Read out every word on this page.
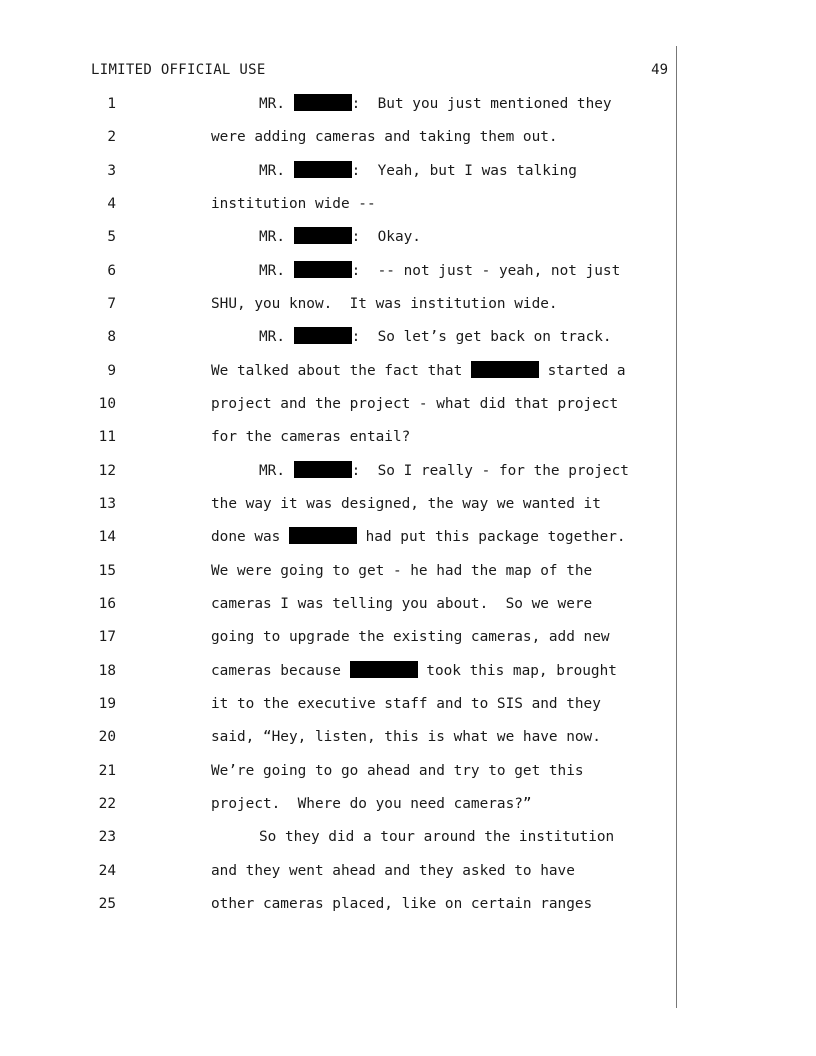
LIMITED OFFICIAL USE	49
1	MR.	:  But you just mentioned they
2	were adding cameras and taking them out.
3	MR.	:  Yeah, but I was talking
4	institution wide --
5	MR.	:  Okay.
6	MR.	:  -- not just - yeah, not just
7	SHU, you know.  It was institution wide.
8	MR.	:  So let’s get back on track.
9	We talked about the fact that	started a
10	project and the project - what did that project
11	for the cameras entail?
12	MR.	:  So I really - for the project
13	the way it was designed, the way we wanted it
14	done was	had put this package together.
15	We were going to get - he had the map of the
16	cameras I was telling you about.  So we were
17	going to upgrade the existing cameras, add new
18	cameras because	took this map, brought
19	it to the executive staff and to SIS and they
20	said, “Hey, listen, this is what we have now.
21	We’re going to go ahead and try to get this
22	project.  Where do you need cameras?”
23	So they did a tour around the institution
24	and they went ahead and they asked to have
25	other cameras placed, like on certain ranges
